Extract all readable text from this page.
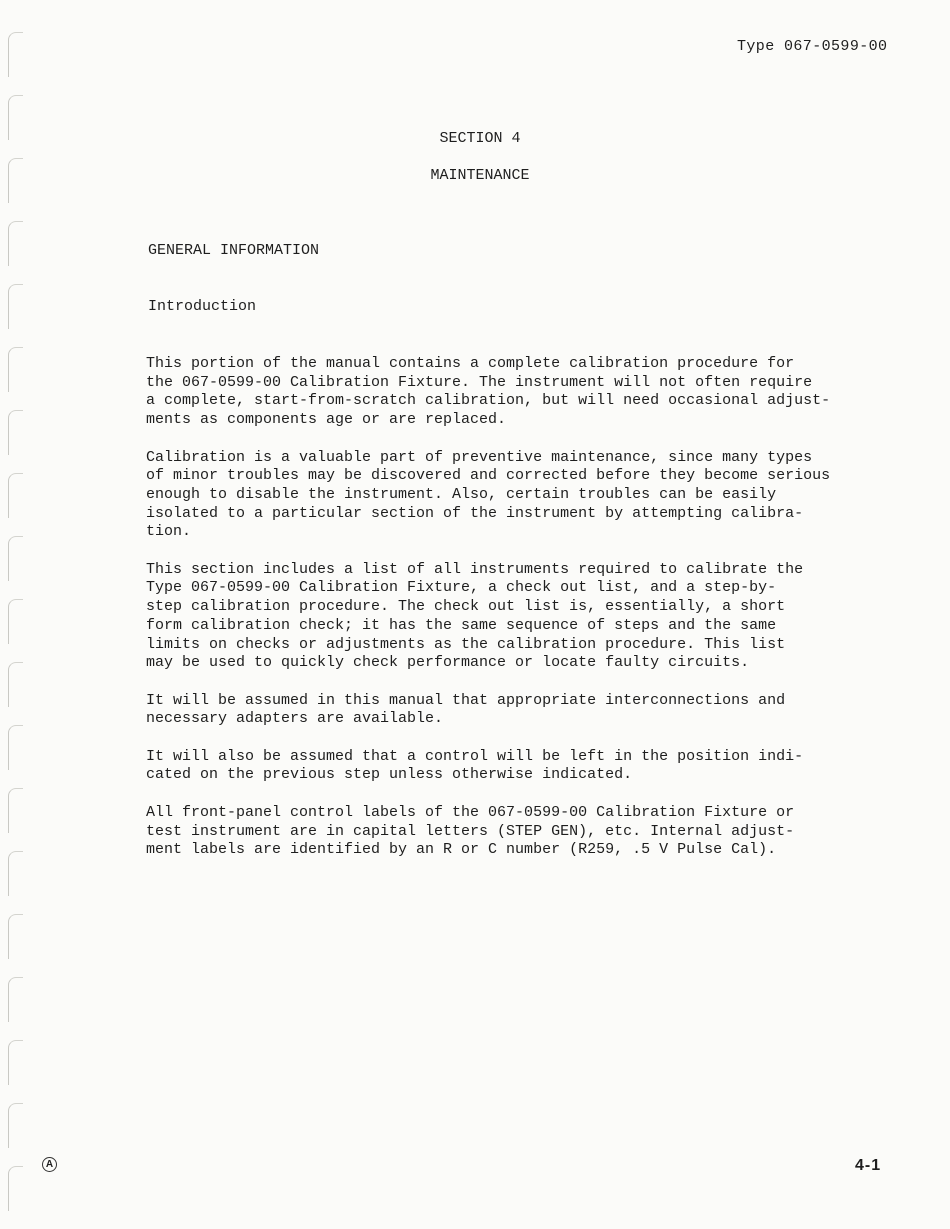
Type 067-0599-00
SECTION 4
MAINTENANCE
GENERAL INFORMATION
Introduction

This portion of the manual contains a complete calibration procedure for
the 067-0599-00 Calibration Fixture. The instrument will not often require
a complete, start-from-scratch calibration, but will need occasional adjust-
ments as components age or are replaced.

Calibration is a valuable part of preventive maintenance, since many types
of minor troubles may be discovered and corrected before they become serious
enough to disable the instrument. Also, certain troubles can be easily
isolated to a particular section of the instrument by attempting calibra-
tion.

This section includes a list of all instruments required to calibrate the
Type 067-0599-00 Calibration Fixture, a check out list, and a step-by-
step calibration procedure. The check out list is, essentially, a short
form calibration check; it has the same sequence of steps and the same
limits on checks or adjustments as the calibration procedure. This list
may be used to quickly check performance or locate faulty circuits.

It will be assumed in this manual that appropriate interconnections and
necessary adapters are available.

It will also be assumed that a control will be left in the position indi-
cated on the previous step unless otherwise indicated.

All front-panel control labels of the 067-0599-00 Calibration Fixture or
test instrument are in capital letters (STEP GEN), etc. Internal adjust-
ment labels are identified by an R or C number (R259, .5 V Pulse Cal).

A	4-1
